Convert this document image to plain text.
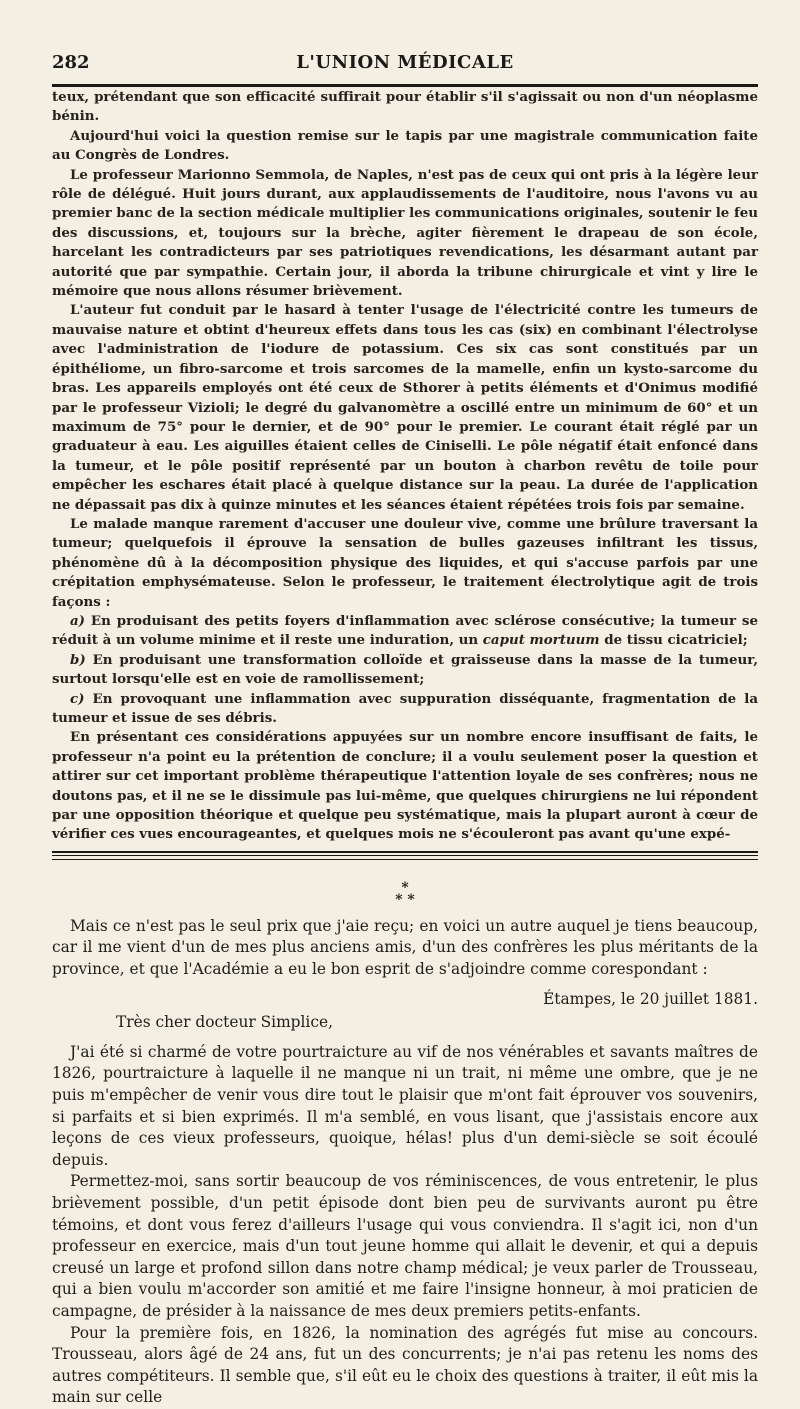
282	L'UNION MÉDICALE

teux, prétendant que son efficacité suffirait pour établir s'il s'agissait ou non d'un néoplasme bénin.

Aujourd'hui voici la question remise sur le tapis par une magistrale communication faite au Congrès de Londres.

Le professeur Marionno Semmola, de Naples, n'est pas de ceux qui ont pris à la légère leur rôle de délégué. Huit jours durant, aux applaudissements de l'auditoire, nous l'avons vu au premier banc de la section médicale multiplier les communications originales, soutenir le feu des discussions, et, toujours sur la brèche, agiter fièrement le drapeau de son école, harcelant les contradicteurs par ses patriotiques revendications, les désarmant autant par autorité que par sympathie. Certain jour, il aborda la tribune chirurgicale et vint y lire le mémoire que nous allons résumer brièvement.

L'auteur fut conduit par le hasard à tenter l'usage de l'électricité contre les tumeurs de mauvaise nature et obtint d'heureux effets dans tous les cas (six) en combinant l'électrolyse avec l'administration de l'iodure de potassium. Ces six cas sont constitués par un épithéliome, un fibro-sarcome et trois sarcomes de la mamelle, enfin un kysto-sarcome du bras. Les appareils employés ont été ceux de Sthorer à petits éléments et d'Onimus modifié par le professeur Vizioli; le degré du galvanomètre a oscillé entre un minimum de 60° et un maximum de 75° pour le dernier, et de 90° pour le premier. Le courant était réglé par un graduateur à eau. Les aiguilles étaient celles de Ciniselli. Le pôle négatif était enfoncé dans la tumeur, et le pôle positif représenté par un bouton à charbon revêtu de toile pour empêcher les eschares était placé à quelque distance sur la peau. La durée de l'application ne dépassait pas dix à quinze minutes et les séances étaient répétées trois fois par semaine.

Le malade manque rarement d'accuser une douleur vive, comme une brûlure traversant la tumeur; quelquefois il éprouve la sensation de bulles gazeuses infiltrant les tissus, phénomène dû à la décomposition physique des liquides, et qui s'accuse parfois par une crépitation emphysémateuse. Selon le professeur, le traitement électrolytique agit de trois façons :

a) En produisant des petits foyers d'inflammation avec sclérose consécutive; la tumeur se réduit à un volume minime et il reste une induration, un caput mortuum de tissu cicatriciel;

b) En produisant une transformation colloïde et graisseuse dans la masse de la tumeur, surtout lorsqu'elle est en voie de ramollissement;

c) En provoquant une inflammation avec suppuration disséquante, fragmentation de la tumeur et issue de ses débris.

En présentant ces considérations appuyées sur un nombre encore insuffisant de faits, le professeur n'a point eu la prétention de conclure; il a voulu seulement poser la question et attirer sur cet important problème thérapeutique l'attention loyale de ses confrères; nous ne doutons pas, et il ne se le dissimule pas lui-même, que quelques chirurgiens ne lui répondent par une opposition théorique et quelque peu systématique, mais la plupart auront à cœur de vérifier ces vues encourageantes, et quelques mois ne s'écouleront pas avant qu'une expé-

*
* *

Mais ce n'est pas le seul prix que j'aie reçu; en voici un autre auquel je tiens beaucoup, car il me vient d'un de mes plus anciens amis, d'un des confrères les plus méritants de la province, et que l'Académie a eu le bon esprit de s'adjoindre comme corespondant :

Étampes, le 20 juillet 1881.
Très cher docteur Simplice,

J'ai été si charmé de votre pourtraicture au vif de nos vénérables et savants maîtres de 1826, pourtraicture à laquelle il ne manque ni un trait, ni même une ombre, que je ne puis m'empêcher de venir vous dire tout le plaisir que m'ont fait éprouver vos souvenirs, si parfaits et si bien exprimés. Il m'a semblé, en vous lisant, que j'assistais encore aux leçons de ces vieux professeurs, quoique, hélas! plus d'un demi-siècle se soit écoulé depuis.

Permettez-moi, sans sortir beaucoup de vos réminiscences, de vous entretenir, le plus brièvement possible, d'un petit épisode dont bien peu de survivants auront pu être témoins, et dont vous ferez d'ailleurs l'usage qui vous conviendra. Il s'agit ici, non d'un professeur en exercice, mais d'un tout jeune homme qui allait le devenir, et qui a depuis creusé un large et profond sillon dans notre champ médical; je veux parler de Trousseau, qui a bien voulu m'accorder son amitié et me faire l'insigne honneur, à moi praticien de campagne, de présider à la naissance de mes deux premiers petits-enfants.

Pour la première fois, en 1826, la nomination des agrégés fut mise au concours. Trousseau, alors âgé de 24 ans, fut un des concurrents; je n'ai pas retenu les noms des autres compétiteurs. Il semble que, s'il eût eu le choix des questions à traiter, il eût mis la main sur celle
